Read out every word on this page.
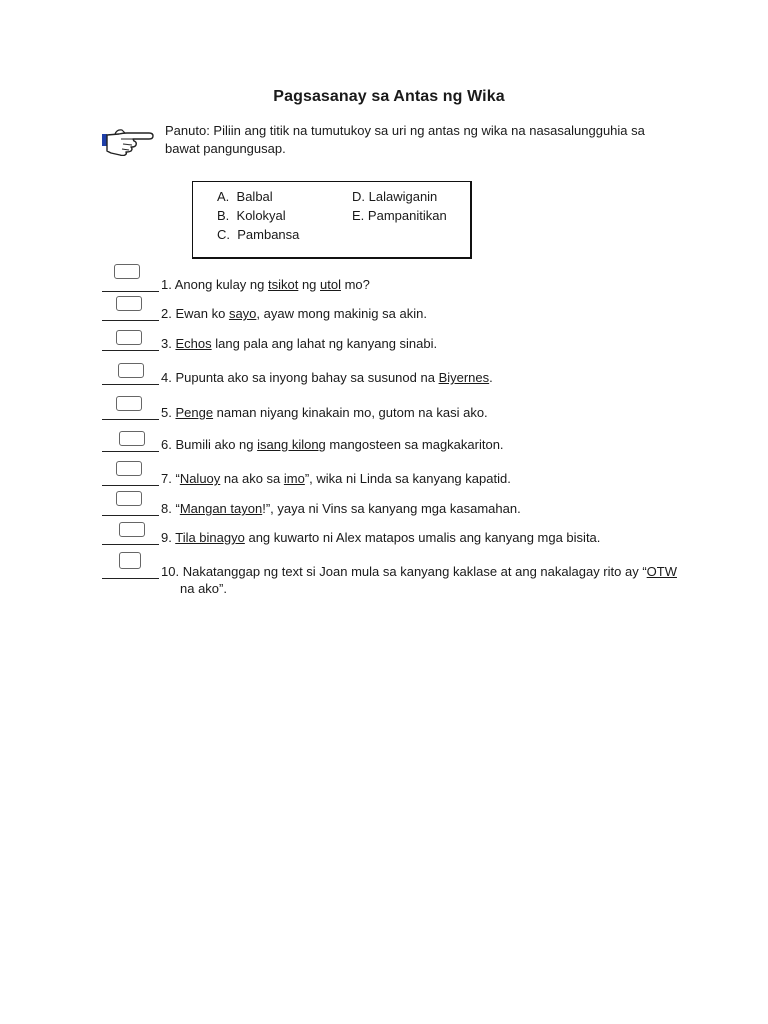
Pagsasanay sa Antas ng Wika
Panuto: Piliin ang titik na tumutukoy sa uri ng antas ng wika na nasasalungguhia sa
bawat pangungusap.
A. Balbal
B. Kolokyal
C. Pambansa
D. Lalawiganin
E. Pampanitikan
1. Anong kulay ng tsikot ng utol mo?
2. Ewan ko sayo, ayaw mong makinig sa akin.
3. Echos lang pala ang lahat ng kanyang sinabi.
4. Pupunta ako sa inyong bahay sa susunod na Biyernes.
5. Penge naman niyang kinakain mo, gutom na kasi ako.
6. Bumili ako ng isang kilong mangosteen sa magkakariton.
7. “Naluoy na ako sa imo”, wika ni Linda sa kanyang kapatid.
8. “Mangan tayon!”, yaya ni Vins sa kanyang mga kasamahan.
9. Tila binagyo ang kuwarto ni Alex matapos umalis ang kanyang mga bisita.
10. Nakatanggap ng text si Joan mula sa kanyang kaklase at ang nakalagay rito ay “OTW
na ako”.
